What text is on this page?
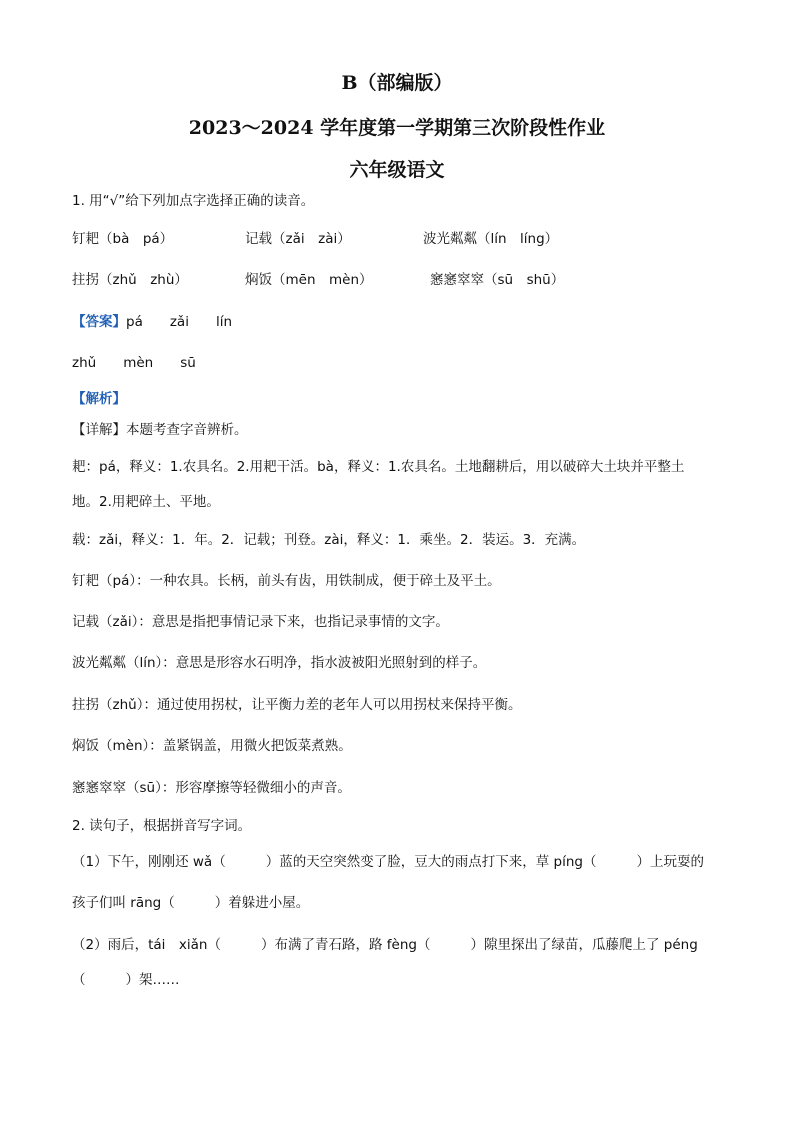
B（部编版）
2023～2024 学年度第一学期第三次阶段性作业
六年级语文
1. 用“√”给下列加点字选择正确的读音。
钉耙（bà　pá）	记载（zǎi　zài）	波光粼粼（lín　líng）
拄拐（zhǔ　zhù）	焖饭（mēn　mèn）	窸窸窣窣（sū　shū）
【答案】pá　　zǎi　　lín
zhǔ　　mèn　　sū
【解析】
【详解】本题考查字音辨析。
耙：pá，释义：1.农具名。2.用耙干活。bà，释义：1.农具名。土地翻耕后，用以破碎大土块并平整土
地。2.用耙碎土、平地。
载：zǎi，释义：1．年。2．记载；刊登。zài，释义：1．乘坐。2．装运。3．充满。
钉耙（pá）：一种农具。长柄，前头有齿，用铁制成，便于碎土及平土。
记载（zǎi）：意思是指把事情记录下来，也指记录事情的文字。
波光粼粼（lín）：意思是形容水石明净，指水波被阳光照射到的样子。
拄拐（zhǔ）：通过使用拐杖，让平衡力差的老年人可以用拐杖来保持平衡。
焖饭（mèn）：盖紧锅盖，用微火把饭菜煮熟。
窸窸窣窣（sū）：形容摩擦等轻微细小的声音。
2. 读句子，根据拼音写字词。
（1）下午，刚刚还 wǎ（	）蓝的天空突然变了脸，豆大的雨点打下来，草 píng（	）上玩耍的
孩子们叫 rāng（	）着躲进小屋。
（2）雨后，tái　xiǎn（	）布满了青石路，路 fèng（	）隙里探出了绿苗，瓜藤爬上了 péng
（	）架……
